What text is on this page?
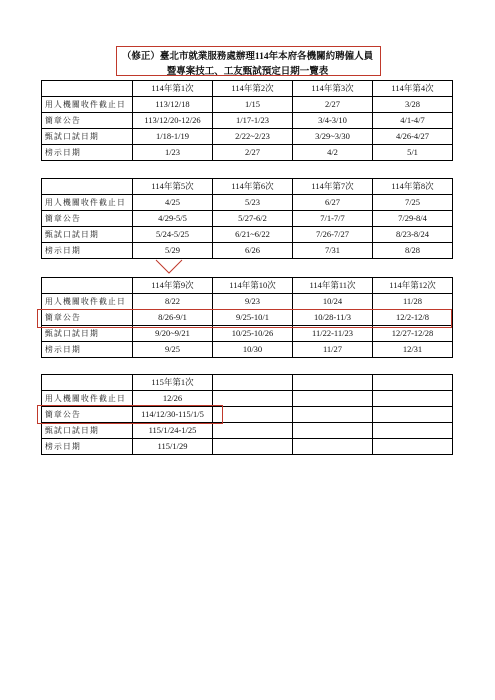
（修正）臺北市就業服務處辦理114年本府各機關約聘僱人員
暨專案技工、工友甄試預定日期一覽表
	114年第1次	114年第2次	114年第3次	114年第4次
用人機關收件截止日	113/12/18	1/15	2/27	3/28
簡章公告	113/12/20-12/26	1/17-1/23	3/4-3/10	4/1-4/7
甄試口試日期	1/18-1/19	2/22~2/23	3/29~3/30	4/26-4/27
榜示日期	1/23	2/27	4/2	5/1
	114年第5次	114年第6次	114年第7次	114年第8次
用人機關收件截止日	4/25	5/23	6/27	7/25
簡章公告	4/29-5/5	5/27-6/2	7/1-7/7	7/29-8/4
甄試口試日期	5/24-5/25	6/21~6/22	7/26-7/27	8/23-8/24
榜示日期	5/29	6/26	7/31	8/28
	114年第9次	114年第10次	114年第11次	114年第12次
用人機關收件截止日	8/22	9/23	10/24	11/28
簡章公告	8/26-9/1	9/25-10/1	10/28-11/3	12/2-12/8
甄試口試日期	9/20~9/21	10/25-10/26	11/22-11/23	12/27-12/28
榜示日期	9/25	10/30	11/27	12/31
	115年第1次			
用人機關收件截止日	12/26			
簡章公告	114/12/30-115/1/5			
甄試口試日期	115/1/24-1/25			
榜示日期	115/1/29			
